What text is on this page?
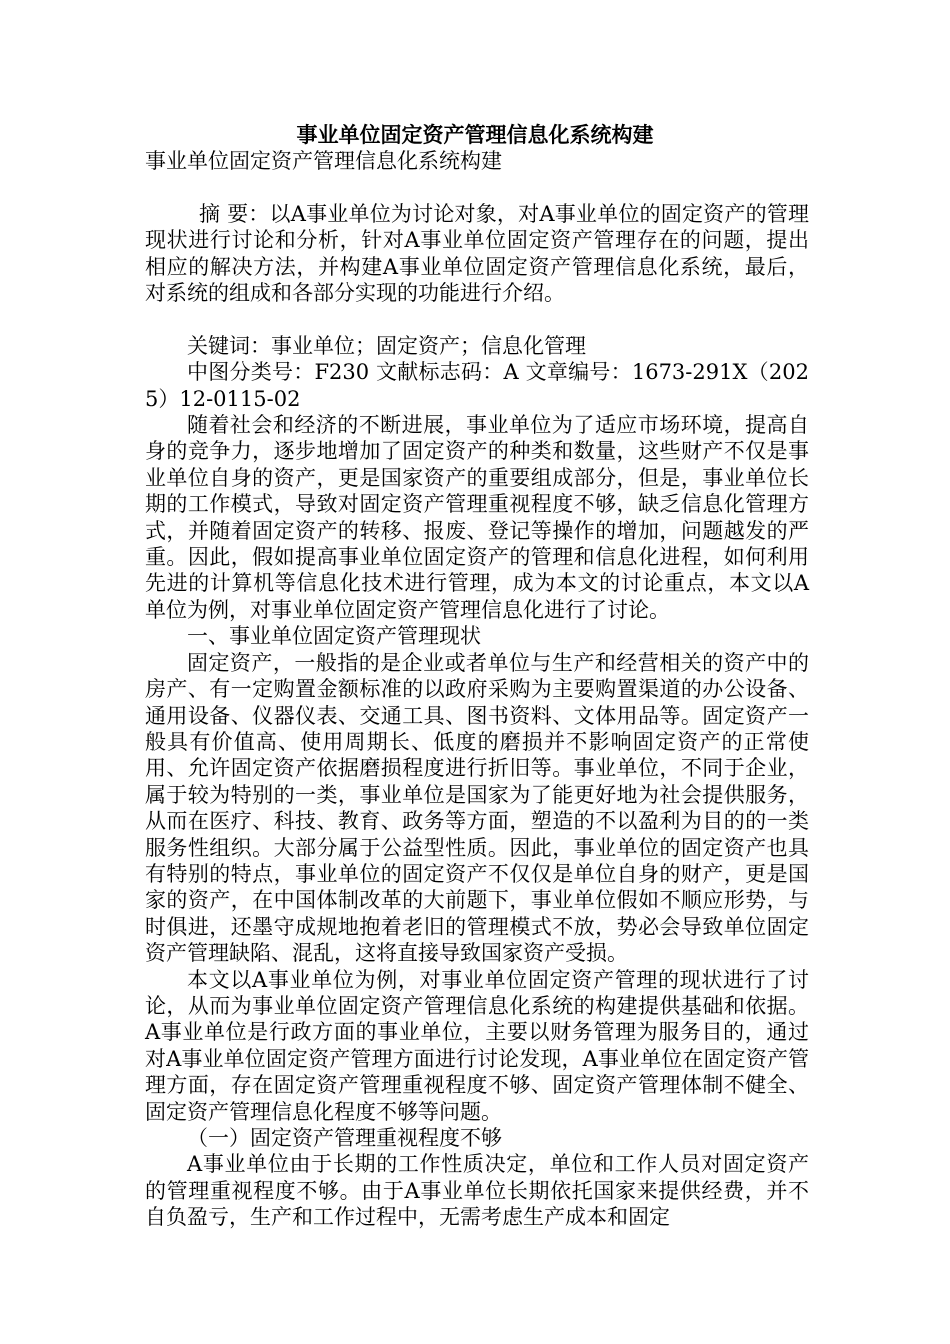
事业单位固定资产管理信息化系统构建

事业单位固定资产管理信息化系统构建

摘 要：以A事业单位为讨论对象，对A事业单位的固定资产的管理现状进行讨论和分析，针对A事业单位固定资产管理存在的问题，提出相应的解决方法，并构建A事业单位固定资产管理信息化系统，最后，对系统的组成和各部分实现的功能进行介绍。

关键词：事业单位；固定资产；信息化管理

中图分类号：F230 文献标志码：A 文章编号：1673-291X（2025）12-0115-02

随着社会和经济的不断进展，事业单位为了适应市场环境，提高自身的竞争力，逐步地增加了固定资产的种类和数量，这些财产不仅是事业单位自身的资产，更是国家资产的重要组成部分，但是，事业单位长期的工作模式，导致对固定资产管理重视程度不够，缺乏信息化管理方式，并随着固定资产的转移、报废、登记等操作的增加，问题越发的严重。因此，假如提高事业单位固定资产的管理和信息化进程，如何利用先进的计算机等信息化技术进行管理，成为本文的讨论重点，本文以A单位为例，对事业单位固定资产管理信息化进行了讨论。

一、事业单位固定资产管理现状

固定资产，一般指的是企业或者单位与生产和经营相关的资产中的房产、有一定购置金额标准的以政府采购为主要购置渠道的办公设备、通用设备、仪器仪表、交通工具、图书资料、文体用品等。固定资产一般具有价值高、使用周期长、低度的磨损并不影响固定资产的正常使用、允许固定资产依据磨损程度进行折旧等。事业单位，不同于企业，属于较为特别的一类，事业单位是国家为了能更好地为社会提供服务，从而在医疗、科技、教育、政务等方面，塑造的不以盈利为目的的一类服务性组织。大部分属于公益型性质。因此，事业单位的固定资产也具有特别的特点，事业单位的固定资产不仅仅是单位自身的财产，更是国家的资产，在中国体制改革的大前题下，事业单位假如不顺应形势，与时俱进，还墨守成规地抱着老旧的管理模式不放，势必会导致单位固定资产管理缺陷、混乱，这将直接导致国家资产受损。

本文以A事业单位为例，对事业单位固定资产管理的现状进行了讨论，从而为事业单位固定资产管理信息化系统的构建提供基础和依据。A事业单位是行政方面的事业单位，主要以财务管理为服务目的，通过对A事业单位固定资产管理方面进行讨论发现，A事业单位在固定资产管理方面，存在固定资产管理重视程度不够、固定资产管理体制不健全、固定资产管理信息化程度不够等问题。

（一）固定资产管理重视程度不够

A事业单位由于长期的工作性质决定，单位和工作人员对固定资产的管理重视程度不够。由于A事业单位长期依托国家来提供经费，并不自负盈亏，生产和工作过程中，无需考虑生产成本和固定
